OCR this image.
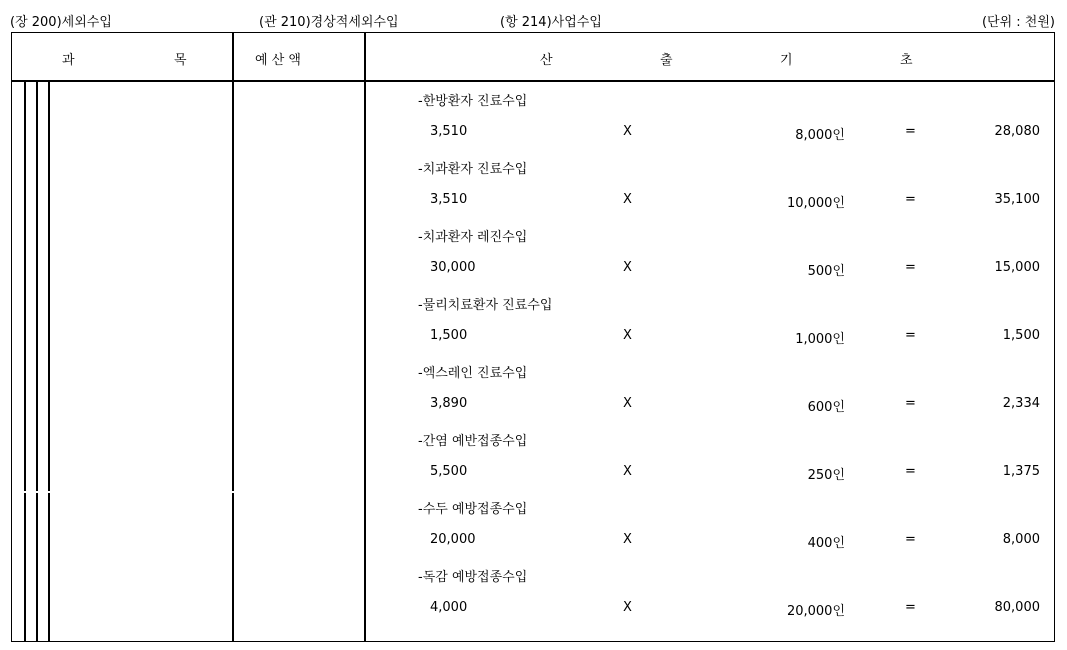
(장 200)세외수입	(관 210)경상적세외수입	(항 214)사업수입	(단위 : 천원)
과	목	예 산 액	산	출	기	초
-한방환자 진료수입
3,510	X	8,000인	=	28,080
-치과환자 진료수입
3,510	X	10,000인	=	35,100
-치과환자 레진수입
30,000	X	500인	=	15,000
-물리치료환자 진료수입
1,500	X	1,000인	=	1,500
-엑스레인 진료수입
3,890	X	600인	=	2,334
-간염 예반접종수입
5,500	X	250인	=	1,375
-수두 예방접종수입
20,000	X	400인	=	8,000
-독감 예방접종수입
4,000	X	20,000인	=	80,000
